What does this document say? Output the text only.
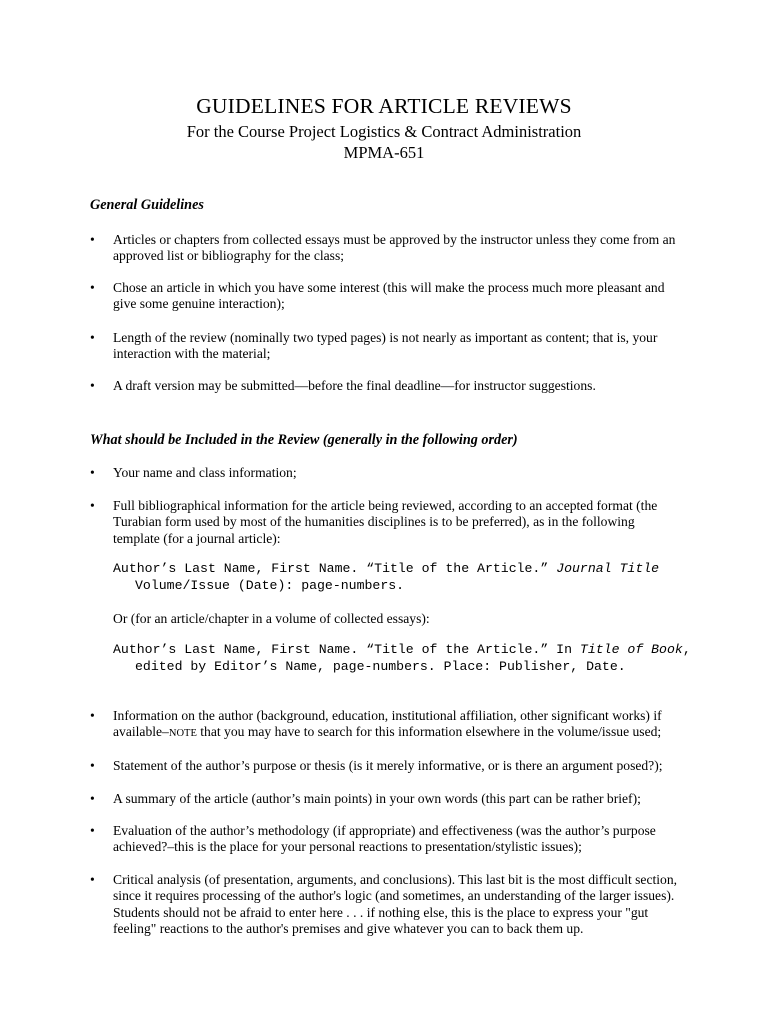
GUIDELINES FOR ARTICLE REVIEWS
For the Course Project Logistics & Contract Administration
MPMA-651
General Guidelines
•	Articles or chapters from collected essays must be approved by the instructor unless they come from an approved list or bibliography for the class;
•	Chose an article in which you have some interest (this will make the process much more pleasant and give some genuine interaction);
•	Length of the review (nominally two typed pages) is not nearly as important as content; that is, your interaction with the material;
•	A draft version may be submitted—before the final deadline—for instructor suggestions.
What should be Included in the Review (generally in the following order)
•	Your name and class information;
•	Full bibliographical information for the article being reviewed, according to an accepted format (the Turabian form used by most of the humanities disciplines is to be preferred), as in the following template (for a journal article):
Author’s Last Name, First Name. “Title of the Article.” Journal Title Volume/Issue (Date): page-numbers.
Or (for an article/chapter in a volume of collected essays):
Author’s Last Name, First Name. “Title of the Article.” In Title of Book, edited by Editor’s Name, page-numbers. Place: Publisher, Date.
•	Information on the author (background, education, institutional affiliation, other significant works) if available–NOTE that you may have to search for this information elsewhere in the volume/issue used;
•	Statement of the author’s purpose or thesis (is it merely informative, or is there an argument posed?);
•	A summary of the article (author’s main points) in your own words (this part can be rather brief);
•	Evaluation of the author’s methodology (if appropriate) and effectiveness (was the author’s purpose achieved?–this is the place for your personal reactions to presentation/stylistic issues);
•	Critical analysis (of presentation, arguments, and conclusions). This last bit is the most difficult section, since it requires processing of the author's logic (and sometimes, an understanding of the larger issues). Students should not be afraid to enter here . . . if nothing else, this is the place to express your "gut feeling" reactions to the author's premises and give whatever you can to back them up.
